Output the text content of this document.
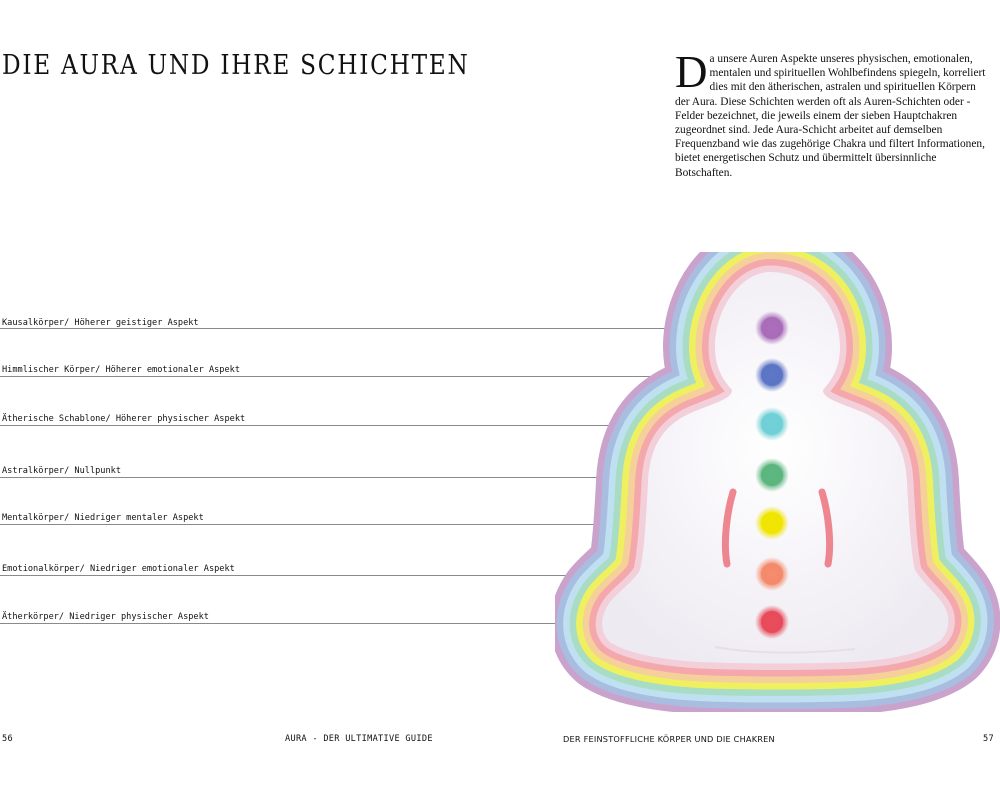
DIE AURA UND IHRE SCHICHTEN	Da unsere Auren Aspekte unseres physischen, emotionalen, mentalen und spirituellen Wohlbefindens spiegeln, korreliert dies mit den ätherischen, astralen und spirituellen Körpern der Aura. Diese Schichten werden oft als Auren-Schichten oder -Felder bezeichnet, die jeweils einem der sieben Hauptchakren zugeordnet sind. Jede Aura-Schicht arbeitet auf demselben Frequenzband wie das zugehörige Chakra und filtert Informationen, bietet energetischen Schutz und übermittelt übersinnliche Botschaften.

Kausalkörper/ Höherer geistiger Aspekt
Himmlischer Körper/ Höherer emotionaler Aspekt
Ätherische Schablone/ Höherer physischer Aspekt
Astralkörper/ Nullpunkt
Mentalkörper/ Niedriger mentaler Aspekt
Emotionalkörper/ Niedriger emotionaler Aspekt
Ätherkörper/ Niedriger physischer Aspekt
56	AURA - DER ULTIMATIVE GUIDE	DER FEINSTOFFLICHE KÖRPER UND DIE CHAKREN	57
